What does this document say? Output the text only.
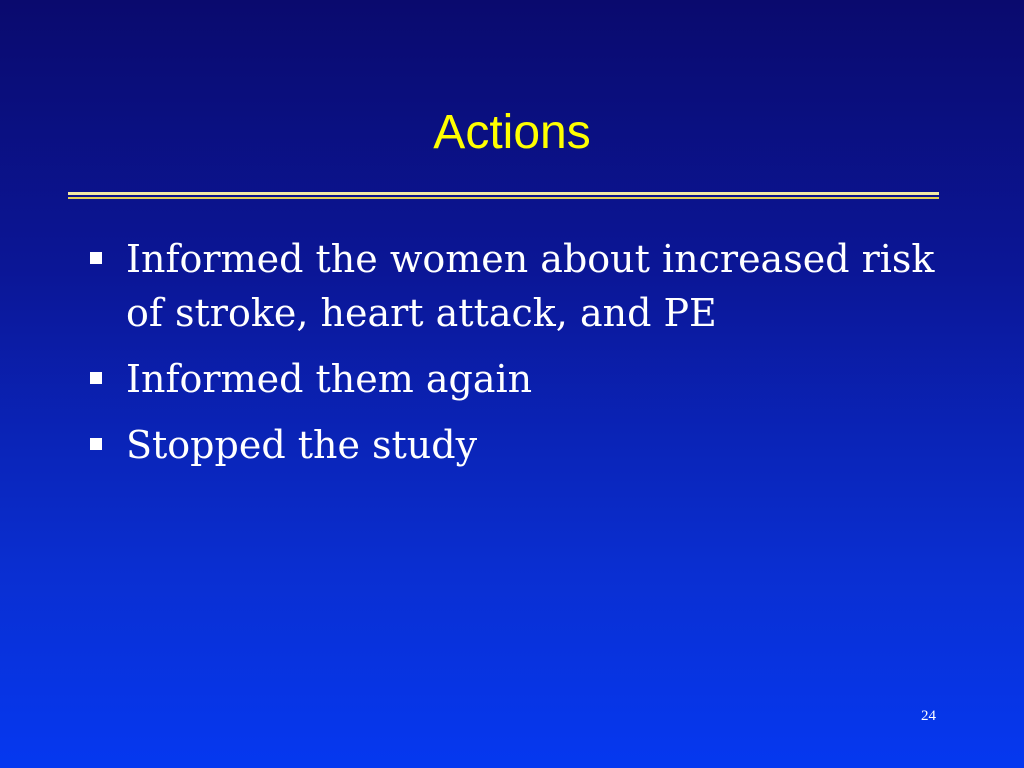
Actions
Informed the women about increased risk of stroke, heart attack, and PE
Informed them again
Stopped the study
24
